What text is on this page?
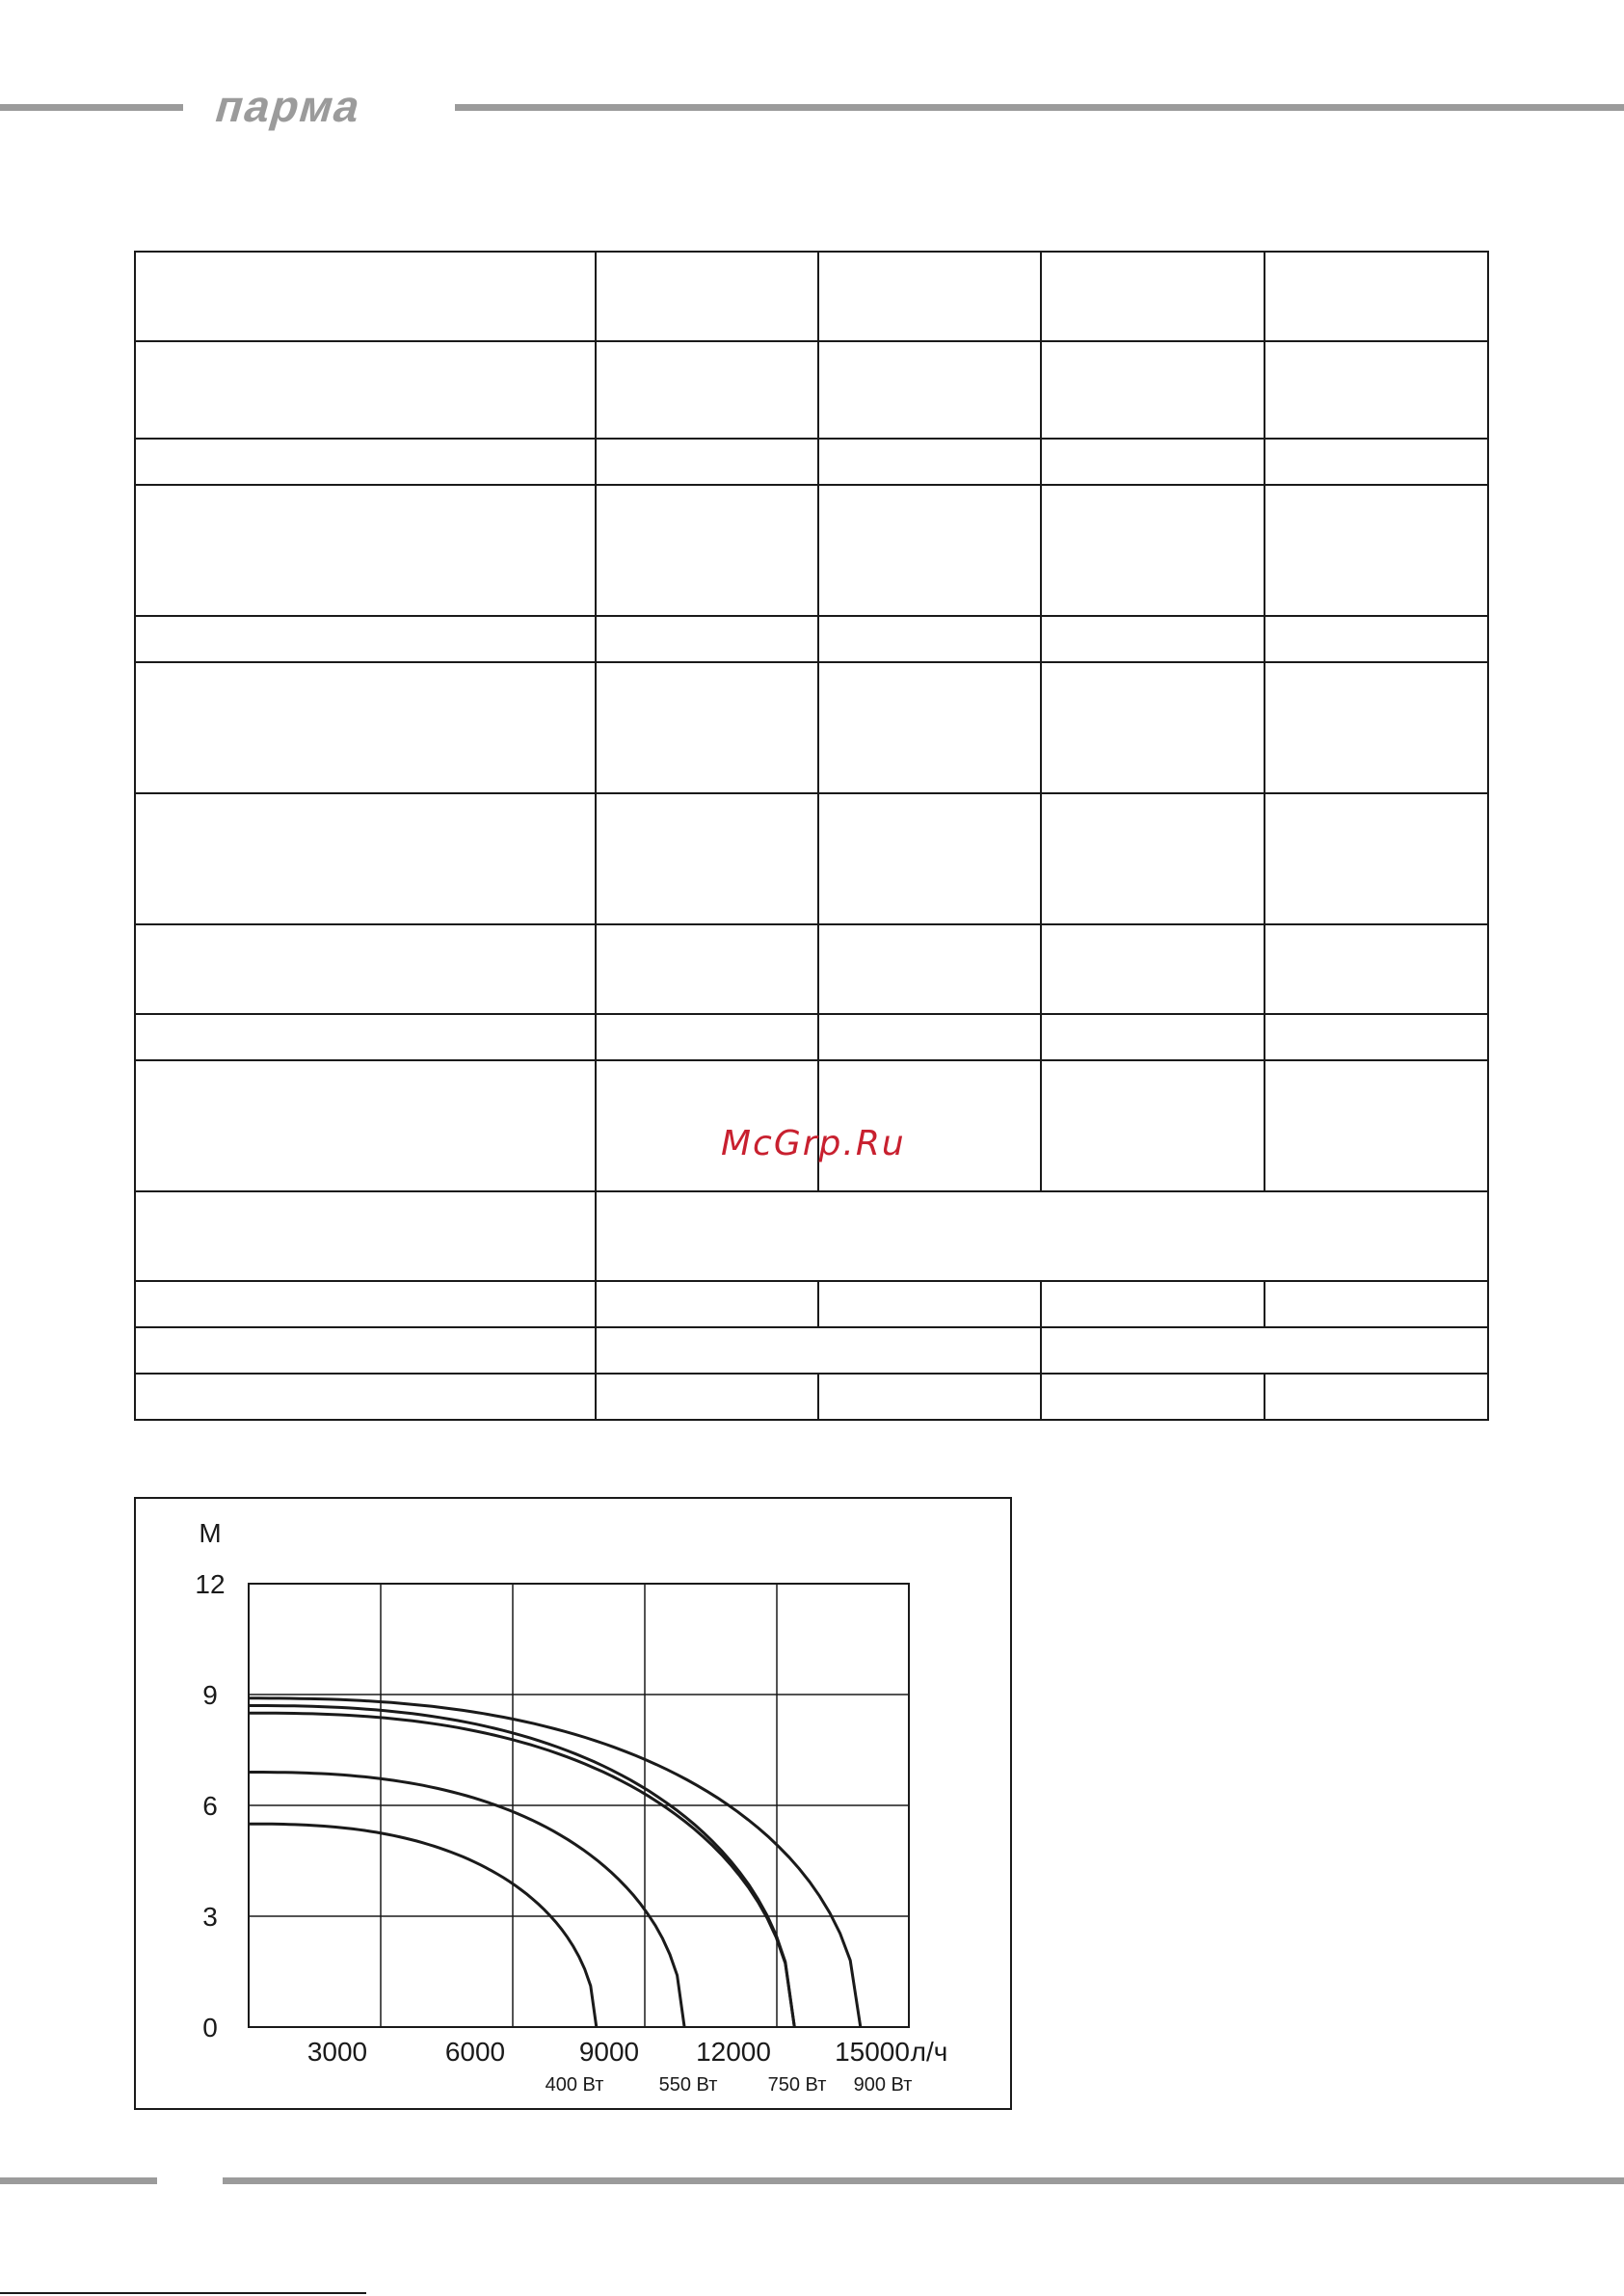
парма

McGrp.Ru
0
3
6
9
12
3000	6000	9000 12000 15000
М
л/ч
400 Вт	550 Вт	750 Вт 900 Вт
